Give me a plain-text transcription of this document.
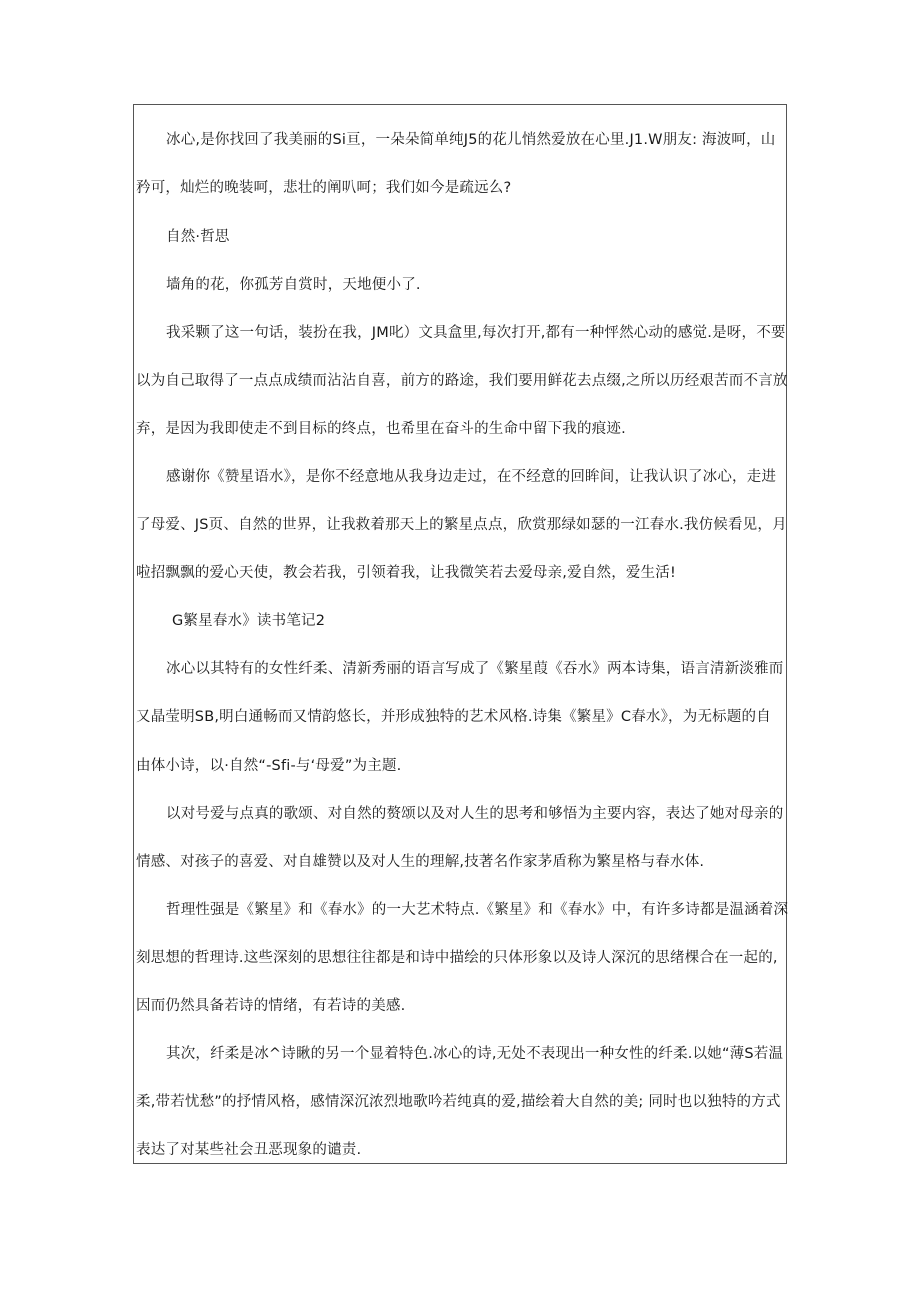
冰心,是你找回了我美丽的Si亘，一朵朵简单纯J5的花儿悄然爱放在心里.J1.W朋友: 海波呵，山
矜可，灿烂的晚装呵，悲壮的阐叭呵；我们如今是疏远么?
自然·哲思
墙角的花，你孤芳自赏时，天地便小了.
我采颗了这一句话，装扮在我，JM叱）文具盒里,每次打开,都有一种怦然心动的感觉.是呀，不要
以为自己取得了一点点成绩而沾沾自喜，前方的路途，我们要用鲜花去点缀,之所以历经艰苦而不言放
弃，是因为我即使走不到目标的终点，也希里在奋斗的生命中留下我的痕迹.
感谢你《赞星语水》，是你不经意地从我身边走过，在不经意的回眸间，让我认识了冰心，走进
了母爱、JS页、自然的世界，让我救着那天上的繁星点点，欣赏那绿如瑟的一江春水.我仿候看见，月
啦招飘飘的爱心天使，教会若我，引领着我，让我微笑若去爱母亲,爱自然，爱生活!
G繁星春水》读书笔记2
冰心以其特有的女性纤柔、清新秀丽的语言写成了《繁星葭《吞水》两本诗集，语言清新淡雅而
又晶莹明SB,明白通畅而又情韵悠长，并形成独特的艺术风格.诗集《繁星》C春水》，为无标题的自
由体小诗，以·自然“-Sfi-与‘母爱”为主题.
以对号爱与点真的歌颂、对自然的赘颂以及对人生的思考和够悟为主要内容，表达了她对母亲的
情感、对孩子的喜爱、对自雄赞以及对人生的理解,技著名作家茅盾称为繁星格与春水体.
哲理性强是《繁星》和《春水》的一大艺术特点.《繁星》和《春水》中，有许多诗都是温涵着深
刻思想的哲理诗.这些深刻的思想往往都是和诗中描绘的只体形象以及诗人深沉的思绪棵合在一起的,
因而仍然具备若诗的情绪，有若诗的美感.
其次，纤柔是冰^诗瞅的另一个显着特色.冰心的诗,无处不表现出一种女性的纤柔.以她“薄S若温
柔,带若忧愁”的抒情风格，感情深沉浓烈地歌吟若纯真的爱,描绘着大自然的美; 同时也以独特的方式
表达了对某些社会丑恶现象的谴责.
